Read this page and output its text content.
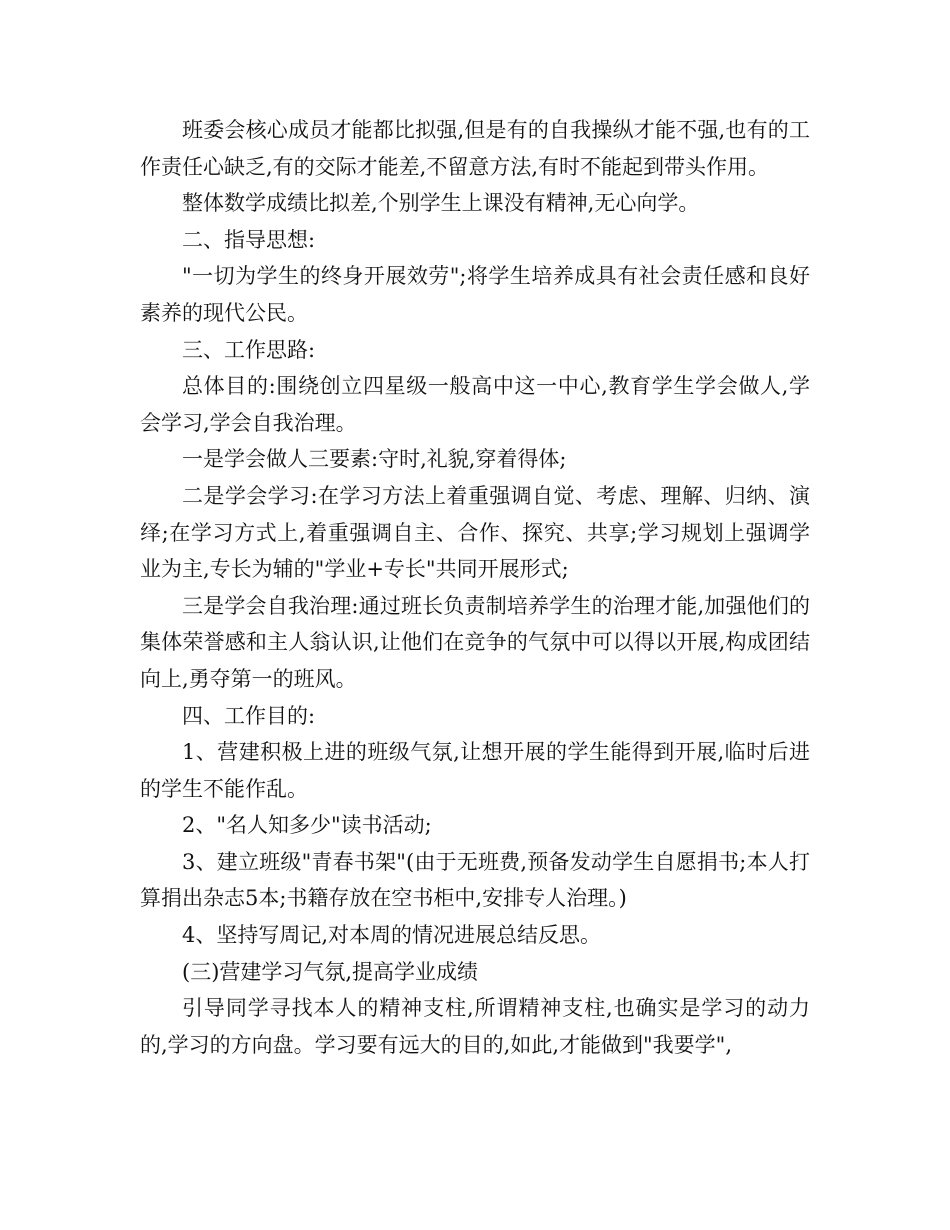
班委会核心成员才能都比拟强,但是有的自我操纵才能不强,也有的工作责任心缺乏,有的交际才能差,不留意方法,有时不能起到带头作用。

整体数学成绩比拟差,个别学生上课没有精神,无心向学。

二、指导思想:

"一切为学生的终身开展效劳";将学生培养成具有社会责任感和良好素养的现代公民。

三、工作思路:

总体目的:围绕创立四星级一般高中这一中心,教育学生学会做人,学会学习,学会自我治理。

一是学会做人三要素:守时,礼貌,穿着得体;

二是学会学习:在学习方法上着重强调自觉、考虑、理解、归纳、演绎;在学习方式上,着重强调自主、合作、探究、共享;学习规划上强调学业为主,专长为辅的"学业+专长"共同开展形式;

三是学会自我治理:通过班长负责制培养学生的治理才能,加强他们的集体荣誉感和主人翁认识,让他们在竞争的气氛中可以得以开展,构成团结向上,勇夺第一的班风。

四、工作目的:

1、营建积极上进的班级气氛,让想开展的学生能得到开展,临时后进的学生不能作乱。

2、"名人知多少"读书活动;

3、建立班级"青春书架"(由于无班费,预备发动学生自愿捐书;本人打算捐出杂志5本;书籍存放在空书柜中,安排专人治理。)

4、坚持写周记,对本周的情况进展总结反思。

(三)营建学习气氛,提高学业成绩

引导同学寻找本人的精神支柱,所谓精神支柱,也确实是学习的动力的,学习的方向盘。学习要有远大的目的,如此,才能做到"我要学",
